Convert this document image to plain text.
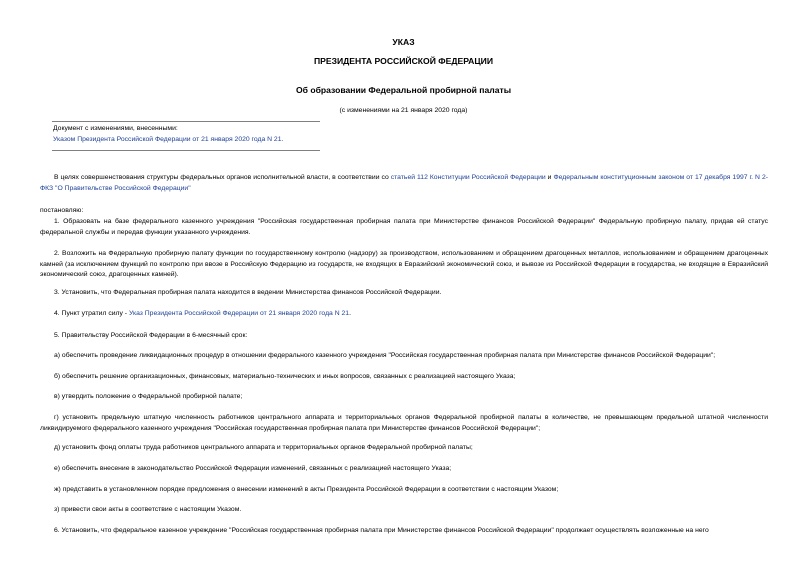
УКАЗ
ПРЕЗИДЕНТА РОССИЙСКОЙ ФЕДЕРАЦИИ
Об образовании Федеральной пробирной палаты
(с изменениями на 21 января 2020 года)
Документ с изменениями, внесенными:
Указом Президента Российской Федерации от 21 января 2020 года N 21.
В целях совершенствования структуры федеральных органов исполнительной власти, в соответствии со статьей 112 Конституции Российской Федерации и Федеральным конституционным законом от 17 декабря 1997 г. N 2-ФКЗ "О Правительстве Российской Федерации"
постановляю:
1. Образовать на базе федерального казенного учреждения "Российская государственная пробирная палата при Министерстве финансов Российской Федерации" Федеральную пробирную палату, придав ей статус федеральной службы и передав функции указанного учреждения.
2. Возложить на Федеральную пробирную палату функции по государственному контролю (надзору) за производством, использованием и обращением драгоценных металлов, использованием и обращением драгоценных камней (за исключением функций по контролю при ввозе в Российскую Федерацию из государств, не входящих в Евразийский экономический союз, и вывозе из Российской Федерации в государства, не входящие в Евразийский экономический союз, драгоценных камней).
3. Установить, что Федеральная пробирная палата находится в ведении Министерства финансов Российской Федерации.
4. Пункт утратил силу - Указ Президента Российской Федерации от 21 января 2020 года N 21.
5. Правительству Российской Федерации в 6-месячный срок:
а) обеспечить проведение ликвидационных процедур в отношении федерального казенного учреждения "Российская государственная пробирная палата при Министерстве финансов Российской Федерации";
б) обеспечить решение организационных, финансовых, материально-технических и иных вопросов, связанных с реализацией настоящего Указа;
в) утвердить положение о Федеральной пробирной палате;
г) установить предельную штатную численность работников центрального аппарата и территориальных органов Федеральной пробирной палаты в количестве, не превышающем предельной штатной численности ликвидируемого федерального казенного учреждения "Российская государственная пробирная палата при Министерстве финансов Российской Федерации";
д) установить фонд оплаты труда работников центрального аппарата и территориальных органов Федеральной пробирной палаты;
е) обеспечить внесение в законодательство Российской Федерации изменений, связанных с реализацией настоящего Указа;
ж) представить в установленном порядке предложения о внесении изменений в акты Президента Российской Федерации в соответствии с настоящим Указом;
з) привести свои акты в соответствие с настоящим Указом.
6. Установить, что федеральное казенное учреждение "Российская государственная пробирная палата при Министерстве финансов Российской Федерации" продолжает осуществлять возложенные на него
